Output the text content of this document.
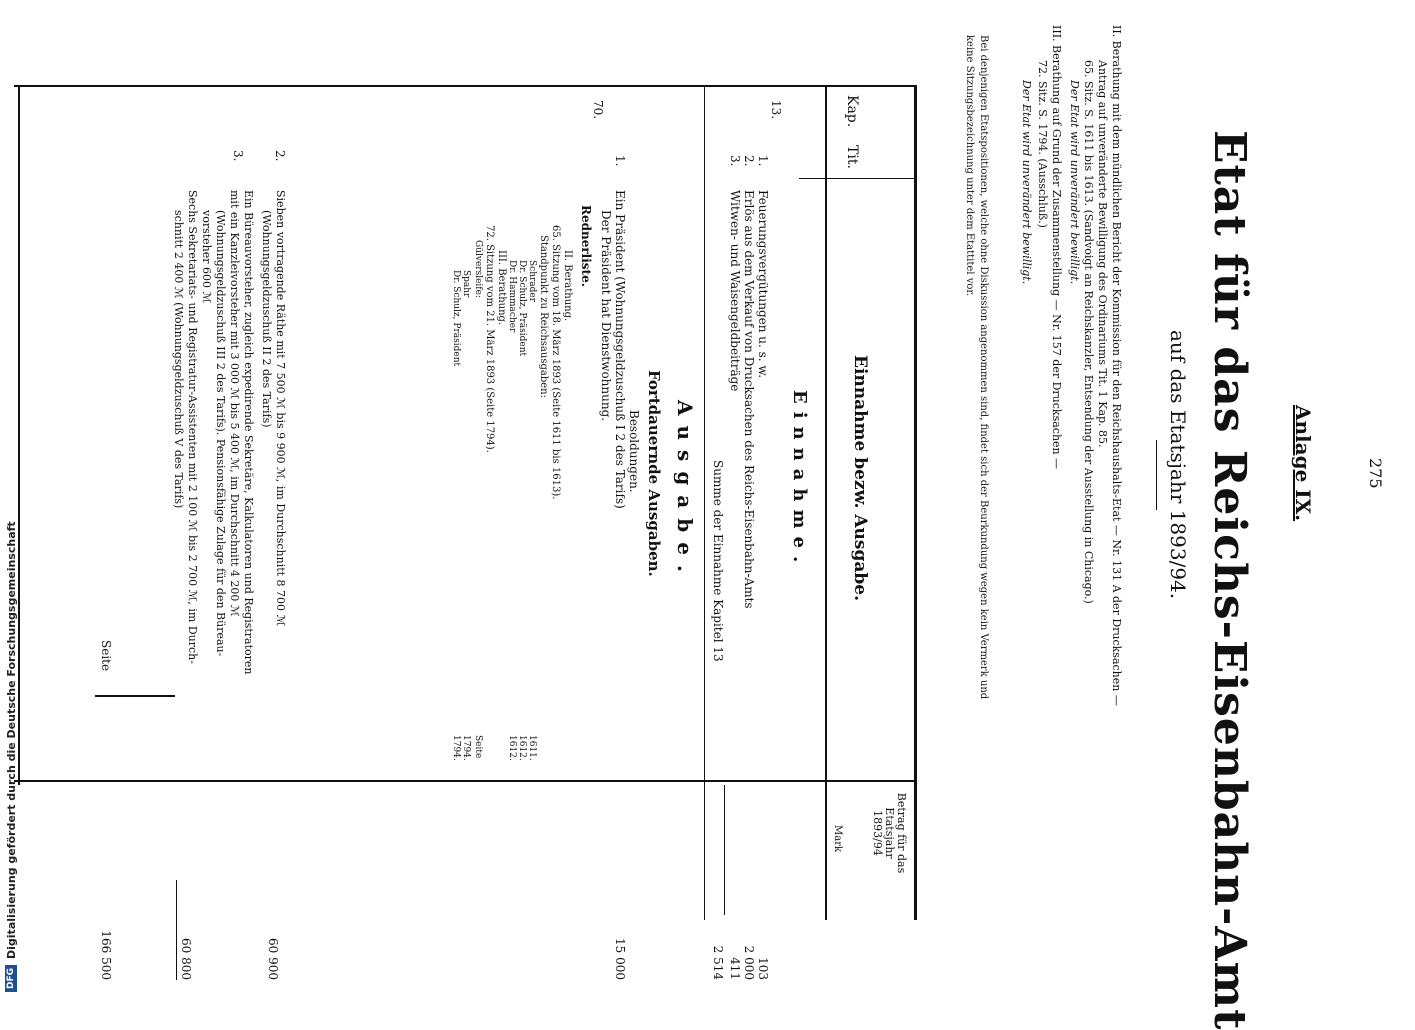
275
Anlage IX.
Etat für das Reichs-Eisenbahn-Amt
auf das Etatsjahr 1893/94.
II. Berathung mit dem mündlichen Bericht der Kommission für den Reichshaushalts-Etat — Nr. 131 A der Drucksachen —
Antrag auf unveränderte Bewilligung des Ordinariums Tit. 1 Kap. 85.
65. Sitz. S. 1611 bis 1613. (Sandvoigt an Reichskanzler, Entsendung der Ausstellung in Chicago.)
Der Etat wird unverändert bewilligt.
III. Berathung auf Grund der Zusammenstellung — Nr. 157 der Drucksachen —
72. Sitz. S. 1794. (Ausschluß.)
Der Etat wird unverändert bewilligt.
Bei denjenigen Etatspositionen, welche ohne Diskussion angenommen sind, findet sich der Beurkundung wegen kein Vermerk und
keine Sitzungsbezeichnung unter dem Etattitel vor.
Kap.
Tit.
Einnahme bezw. Ausgabe.
Betrag für das Etatsjahr 1893/94
Mark
Einnahme.
13.
1.
Feuerungsvergütungen u. s. w.
103
2.
Erlös aus dem Verkauf von Drucksachen des Reichs-Eisenbahn-Amts
2 000
3.
Witwen- und Waisengeldbeiträge
411
Summe der Einnahme Kapitel 13
2 514
Ausgabe.
Fortdauernde Ausgaben.
Besoldungen.
70.
1.
Ein Präsident (Wohnungsgeldzuschuß I 2 des Tarifs)
15 000
Der Präsident hat Dienstwohnung.
Rednerliste.
II. Berathung.
65. Sitzung vom 18. März 1893 (Seite 1611 bis 1613).
Standpunkt zu Reichsausgaben:
Schrader
1611.
Dr. Schulz, Präsident
1612.
Dr. Hammacher
1612.
III. Berathung.
72. Sitzung vom 21. März 1893 (Seite 1794).
Gülversleife:
Seite
Spahr
1794.
Dr. Schulz, Präsident
1794.
2.
Sieben vortragende Räthe mit 7 500 ℳ bis 9 900 ℳ, im Durchschnitt 8 700 ℳ
(Wohnungsgeldzuschuß II 2 des Tarifs)
60 900
3.
Ein Büreauvorsteher, zugleich expedirende Sekretäre, Kalkulatoren und Registratoren
mit ein Kanzleivorsteher mit 3 000 ℳ bis 5 400 ℳ, im Durchschnitt 4 200 ℳ
(Wohnungsgeldzuschuß III 2 des Tarifs). Pensionsfähige Zulage für den Büreau-
vorsteher 600 ℳ
Sechs Sekretariats- und Registratur-Assistenten mit 2 100 ℳ bis 2 700 ℳ, im Durch-
schnitt 2 400 ℳ (Wohnungsgeldzuschuß V des Tarifs)
60 800
Seite
166 500
DFG
Digitalisierung gefördert durch die Deutsche Forschungsgemeinschaft
